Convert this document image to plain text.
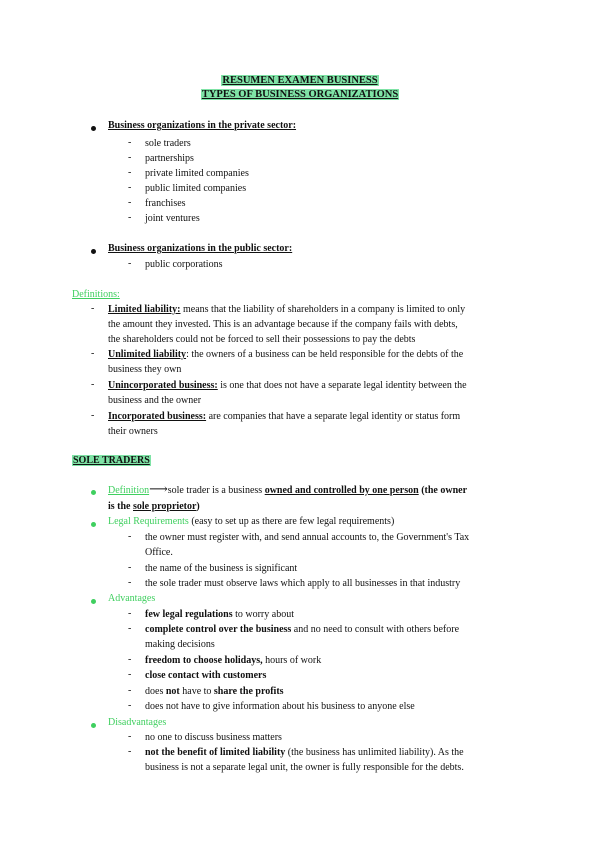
RESUMEN EXAMEN BUSINESS
TYPES OF BUSINESS ORGANIZATIONS
Business organizations in the private sector:
- sole traders
- partnerships
- private limited companies
- public limited companies
- franchises
- joint ventures
Business organizations in the public sector:
- public corporations
Definitions:
- Limited liability: means that the liability of shareholders in a company is limited to only
the amount they invested. This is an advantage because if the company fails with debts,
the shareholders could not be forced to sell their possessions to pay the debts
- Unlimited liability: the owners of a business can be held responsible for the debts of the
business they own
- Unincorporated business: is one that does not have a separate legal identity between the
business and the owner
- Incorporated business: are companies that have a separate legal identity or status form
their owners
SOLE TRADERS
Definition⟶sole trader is a business owned and controlled by one person (the owner
is the sole proprietor)
Legal Requirements (easy to set up as there are few legal requirements)
- the owner must register with, and send annual accounts to, the Government's Tax
Office.
- the name of the business is significant
- the sole trader must observe laws which apply to all businesses in that industry
Advantages
- few legal regulations to worry about
- complete control over the business and no need to consult with others before
making decisions
- freedom to choose holidays, hours of work
- close contact with customers
- does not have to share the profits
- does not have to give information about his business to anyone else
Disadvantages
- no one to discuss business matters
- not the benefit of limited liability (the business has unlimited liability). As the
business is not a separate legal unit, the owner is fully responsible for the debts.
